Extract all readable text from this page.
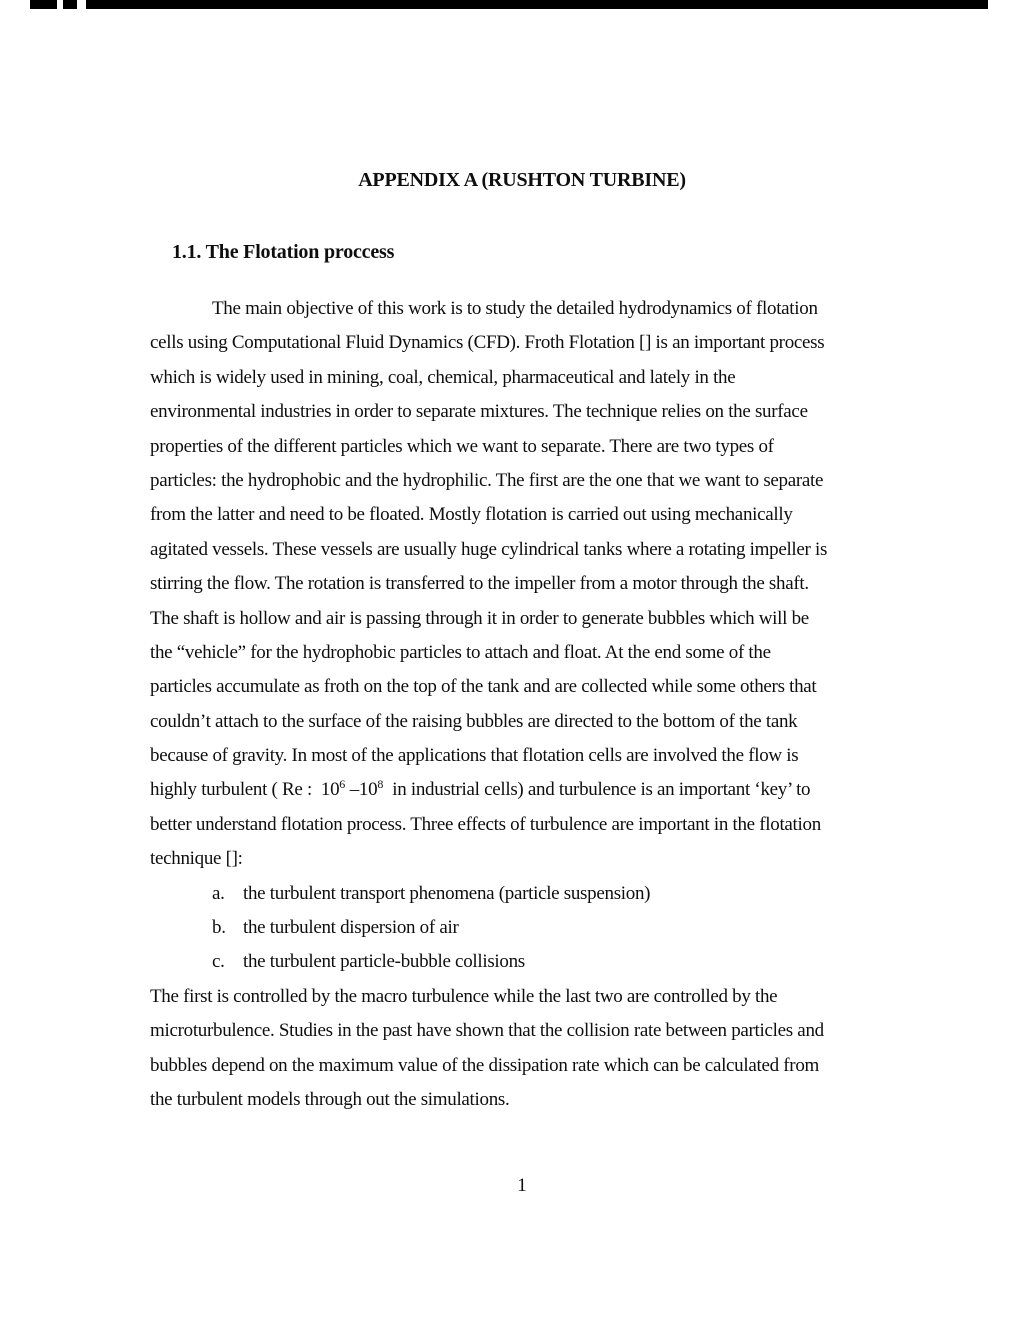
APPENDIX A (RUSHTON TURBINE)
1.1. The Flotation proccess
The main objective of this work is to study the detailed hydrodynamics of flotation
cells using Computational Fluid Dynamics (CFD). Froth Flotation [] is an important process
which is widely used in mining, coal, chemical, pharmaceutical and lately in the
environmental industries in order to separate mixtures. The technique relies on the surface
properties of the different particles which we want to separate. There are two types of
particles: the hydrophobic and the hydrophilic. The first are the one that we want to separate
from the latter and need to be floated. Mostly flotation is carried out using mechanically
agitated vessels. These vessels are usually huge cylindrical tanks where a rotating impeller is
stirring the flow. The rotation is transferred to the impeller from a motor through the shaft.
The shaft is hollow and air is passing through it in order to generate bubbles which will be
the “vehicle” for the hydrophobic particles to attach and float. At the end some of the
particles accumulate as froth on the top of the tank and are collected while some others that
couldn’t attach to the surface of the raising bubbles are directed to the bottom of the tank
because of gravity. In most of the applications that flotation cells are involved the flow is
highly turbulent ( Re :  $10^6$ $-10^8$  in industrial cells) and turbulence is an important ‘key’ to
better understand flotation process. Three effects of turbulence are important in the flotation
technique []:
a. the turbulent transport phenomena (particle suspension)
b. the turbulent dispersion of air
c. the turbulent particle-bubble collisions
The first is controlled by the macro turbulence while the last two are controlled by the
microturbulence. Studies in the past have shown that the collision rate between particles and
bubbles depend on the maximum value of the dissipation rate which can be calculated from
the turbulent models through out the simulations.
1
